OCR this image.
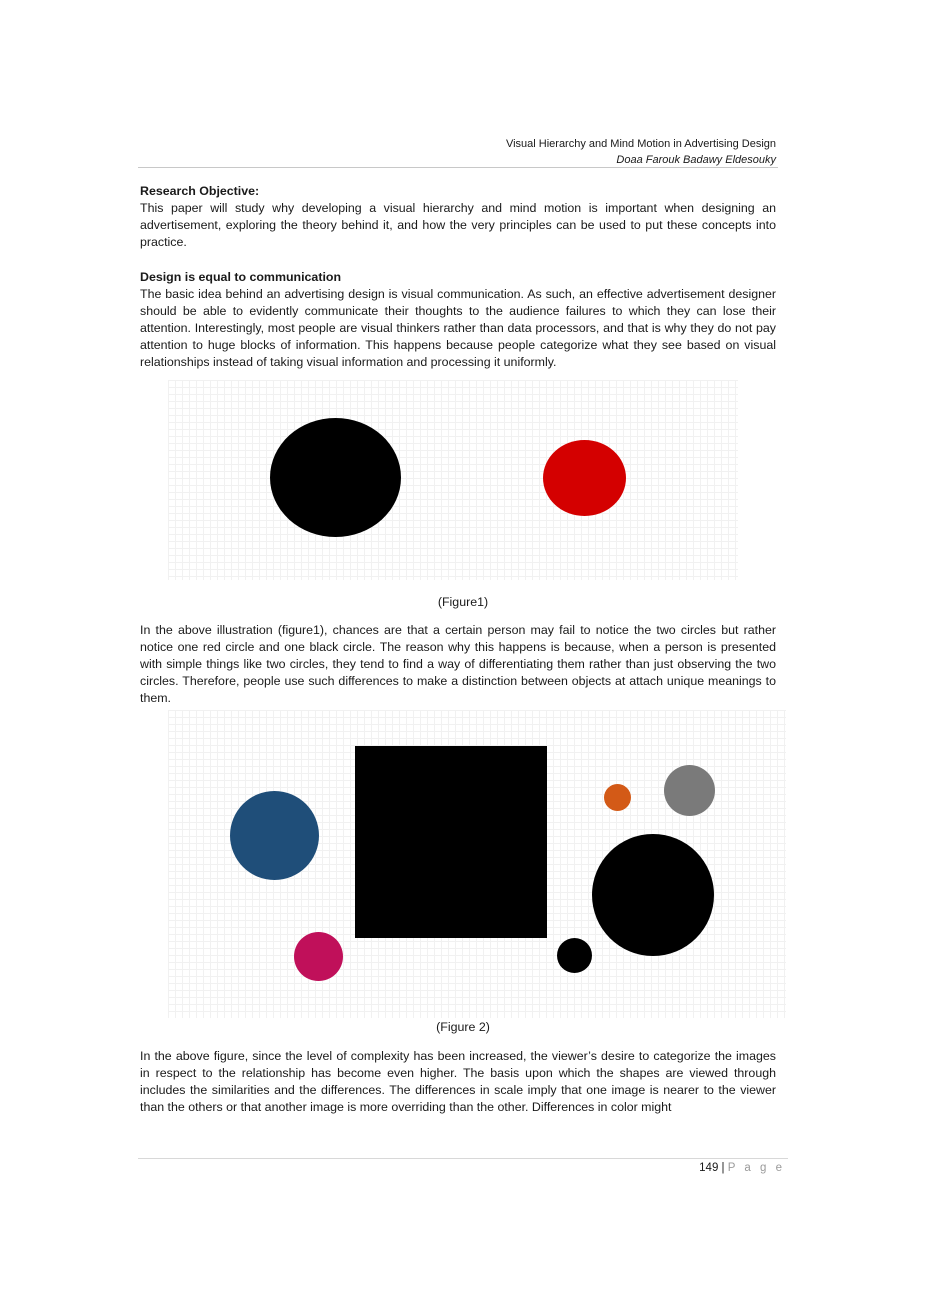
Visual Hierarchy and Mind Motion in Advertising Design
Doaa Farouk Badawy Eldesouky

Research Objective:

This paper will study why developing a visual hierarchy and mind motion is important when designing an advertisement, exploring the theory behind it, and how the very principles can be used to put these concepts into practice.

Design is equal to communication

The basic idea behind an advertising design is visual communication. As such, an effective advertisement designer should be able to evidently communicate their thoughts to the audience failures to which they can lose their attention. Interestingly, most people are visual thinkers rather than data processors, and that is why they do not pay attention to huge blocks of information. This happens because people categorize what they see based on visual relationships instead of taking visual information and processing it uniformly.

(Figure1)

In the above illustration (figure1), chances are that a certain person may fail to notice the two circles but rather notice one red circle and one black circle. The reason why this happens is because, when a person is presented with simple things like two circles, they tend to find a way of differentiating them rather than just observing the two circles. Therefore, people use such differences to make a distinction between objects at attach unique meanings to them.

(Figure 2)

In the above figure, since the level of complexity has been increased, the viewer’s desire to categorize the images in respect to the relationship has become even higher. The basis upon which the shapes are viewed through includes the similarities and the differences. The differences in scale imply that one image is nearer to the viewer than the others or that another image is more overriding than the other. Differences in color might

149 | P a g e
